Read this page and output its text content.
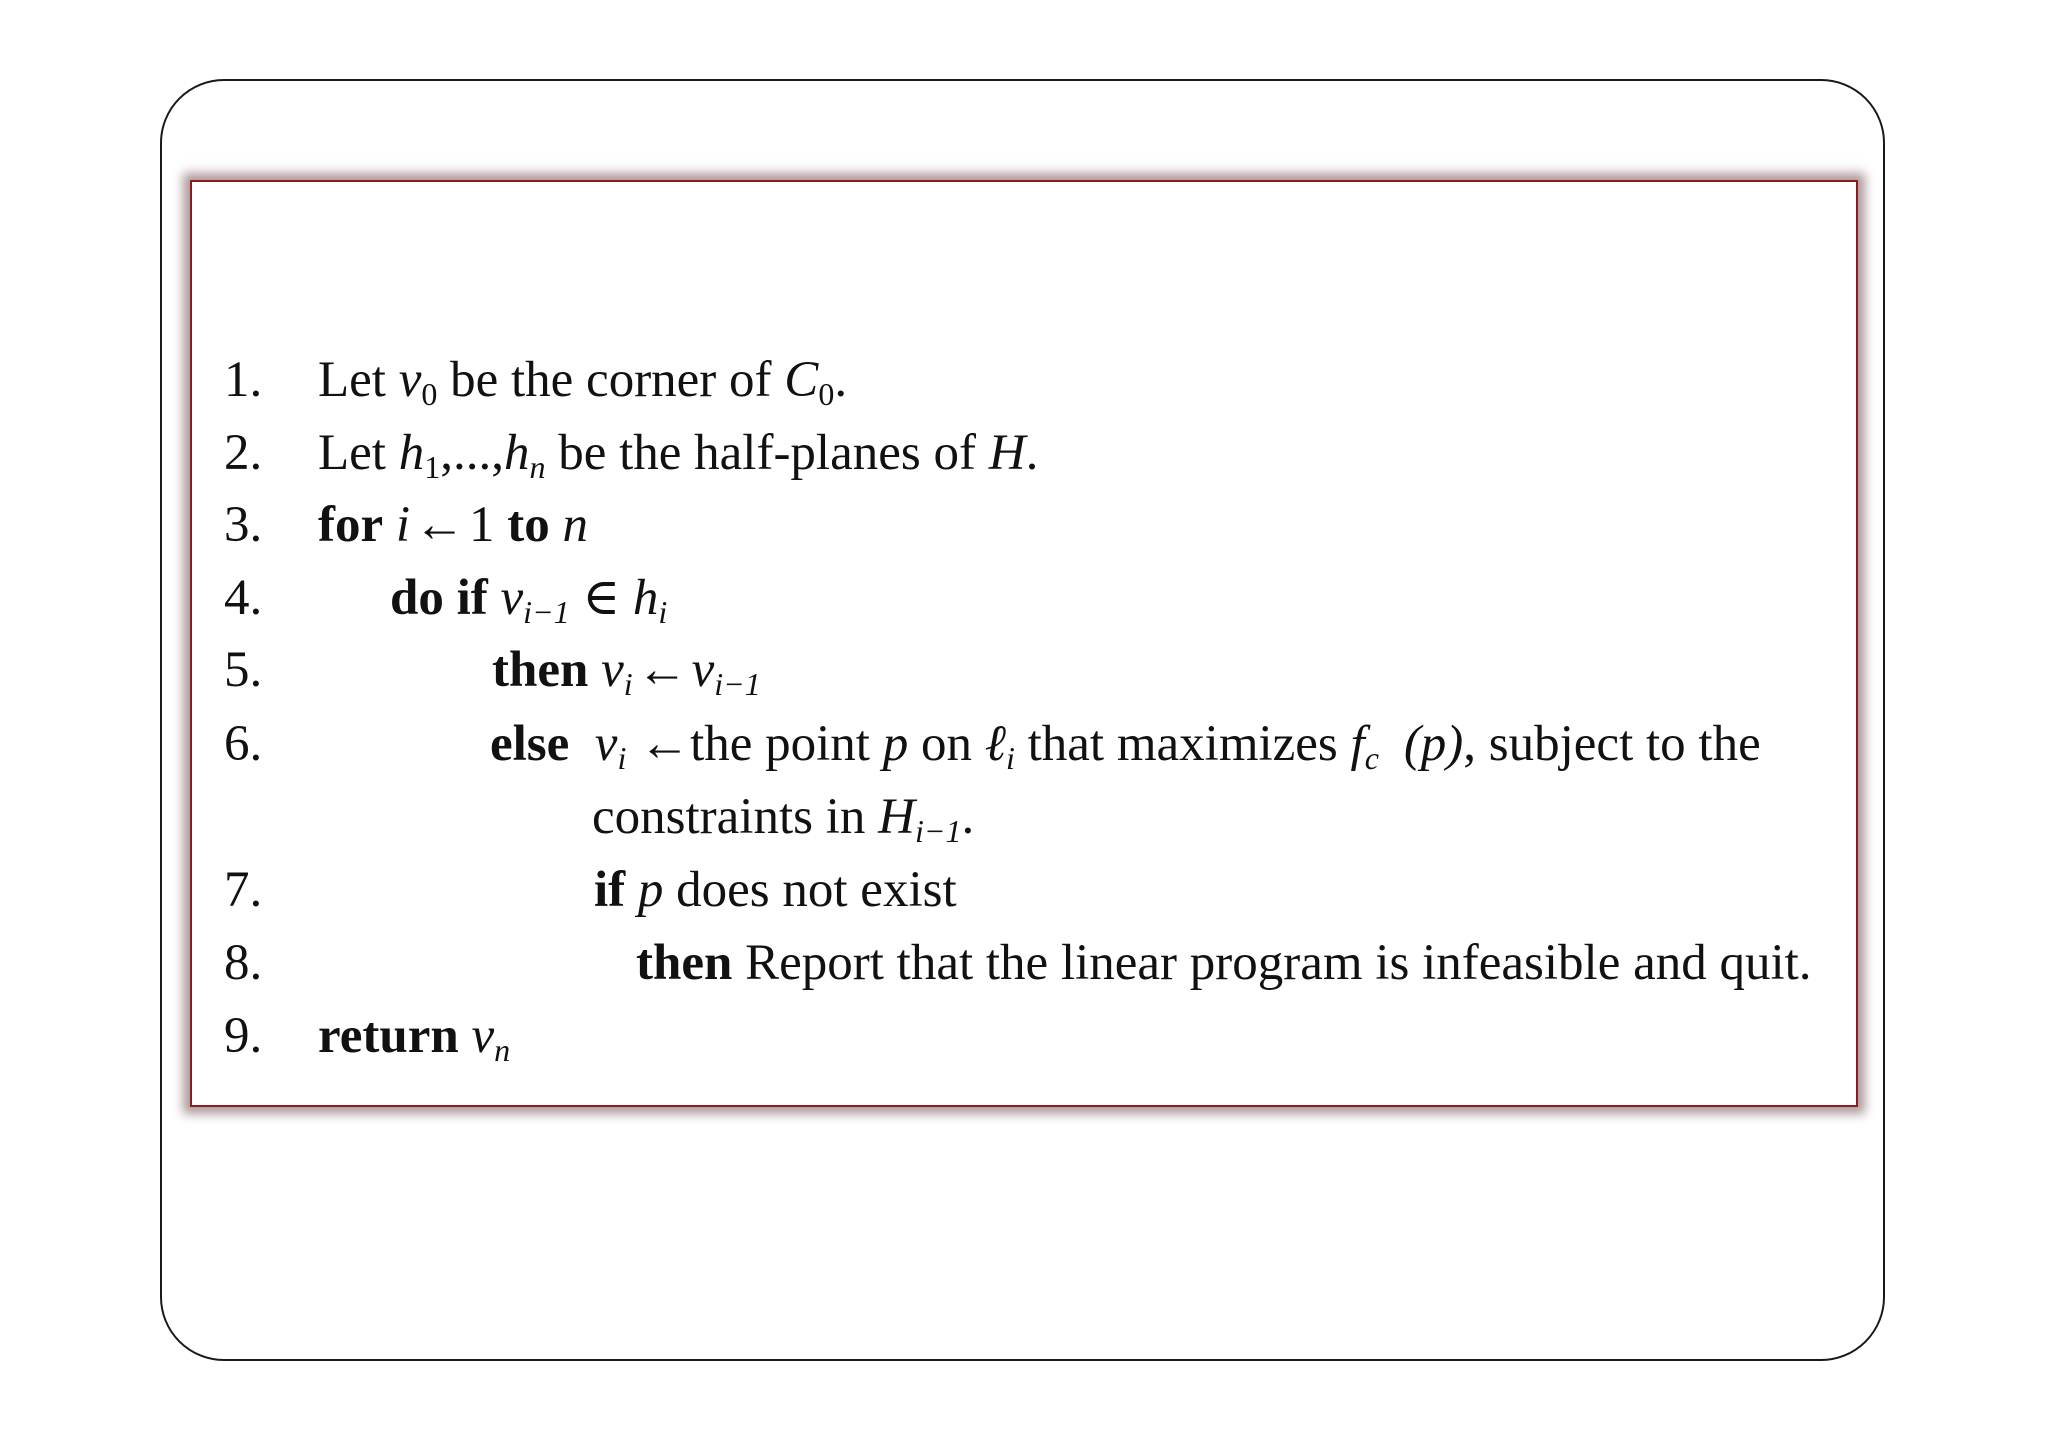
1.	Let $v_0$ be the corner of $C_0$.
2.	Let $h_1,...,h_n$ be the half-planes of H.
3.	for i←1 to n
4.	do if $v_{i-1}$ ∈ $h_i$
5.	then $v_i\leftarrow v_{i-1}$
6.	else $v_i$ ←the point p on ℓ$_i$ that maximizes $f_{c⃗}(p)$, subject to the
constraints in $H_{i-1}$.
7.	if p does not exist
8.	then Report that the linear program is infeasible and quit.
9.	return $v_n$
